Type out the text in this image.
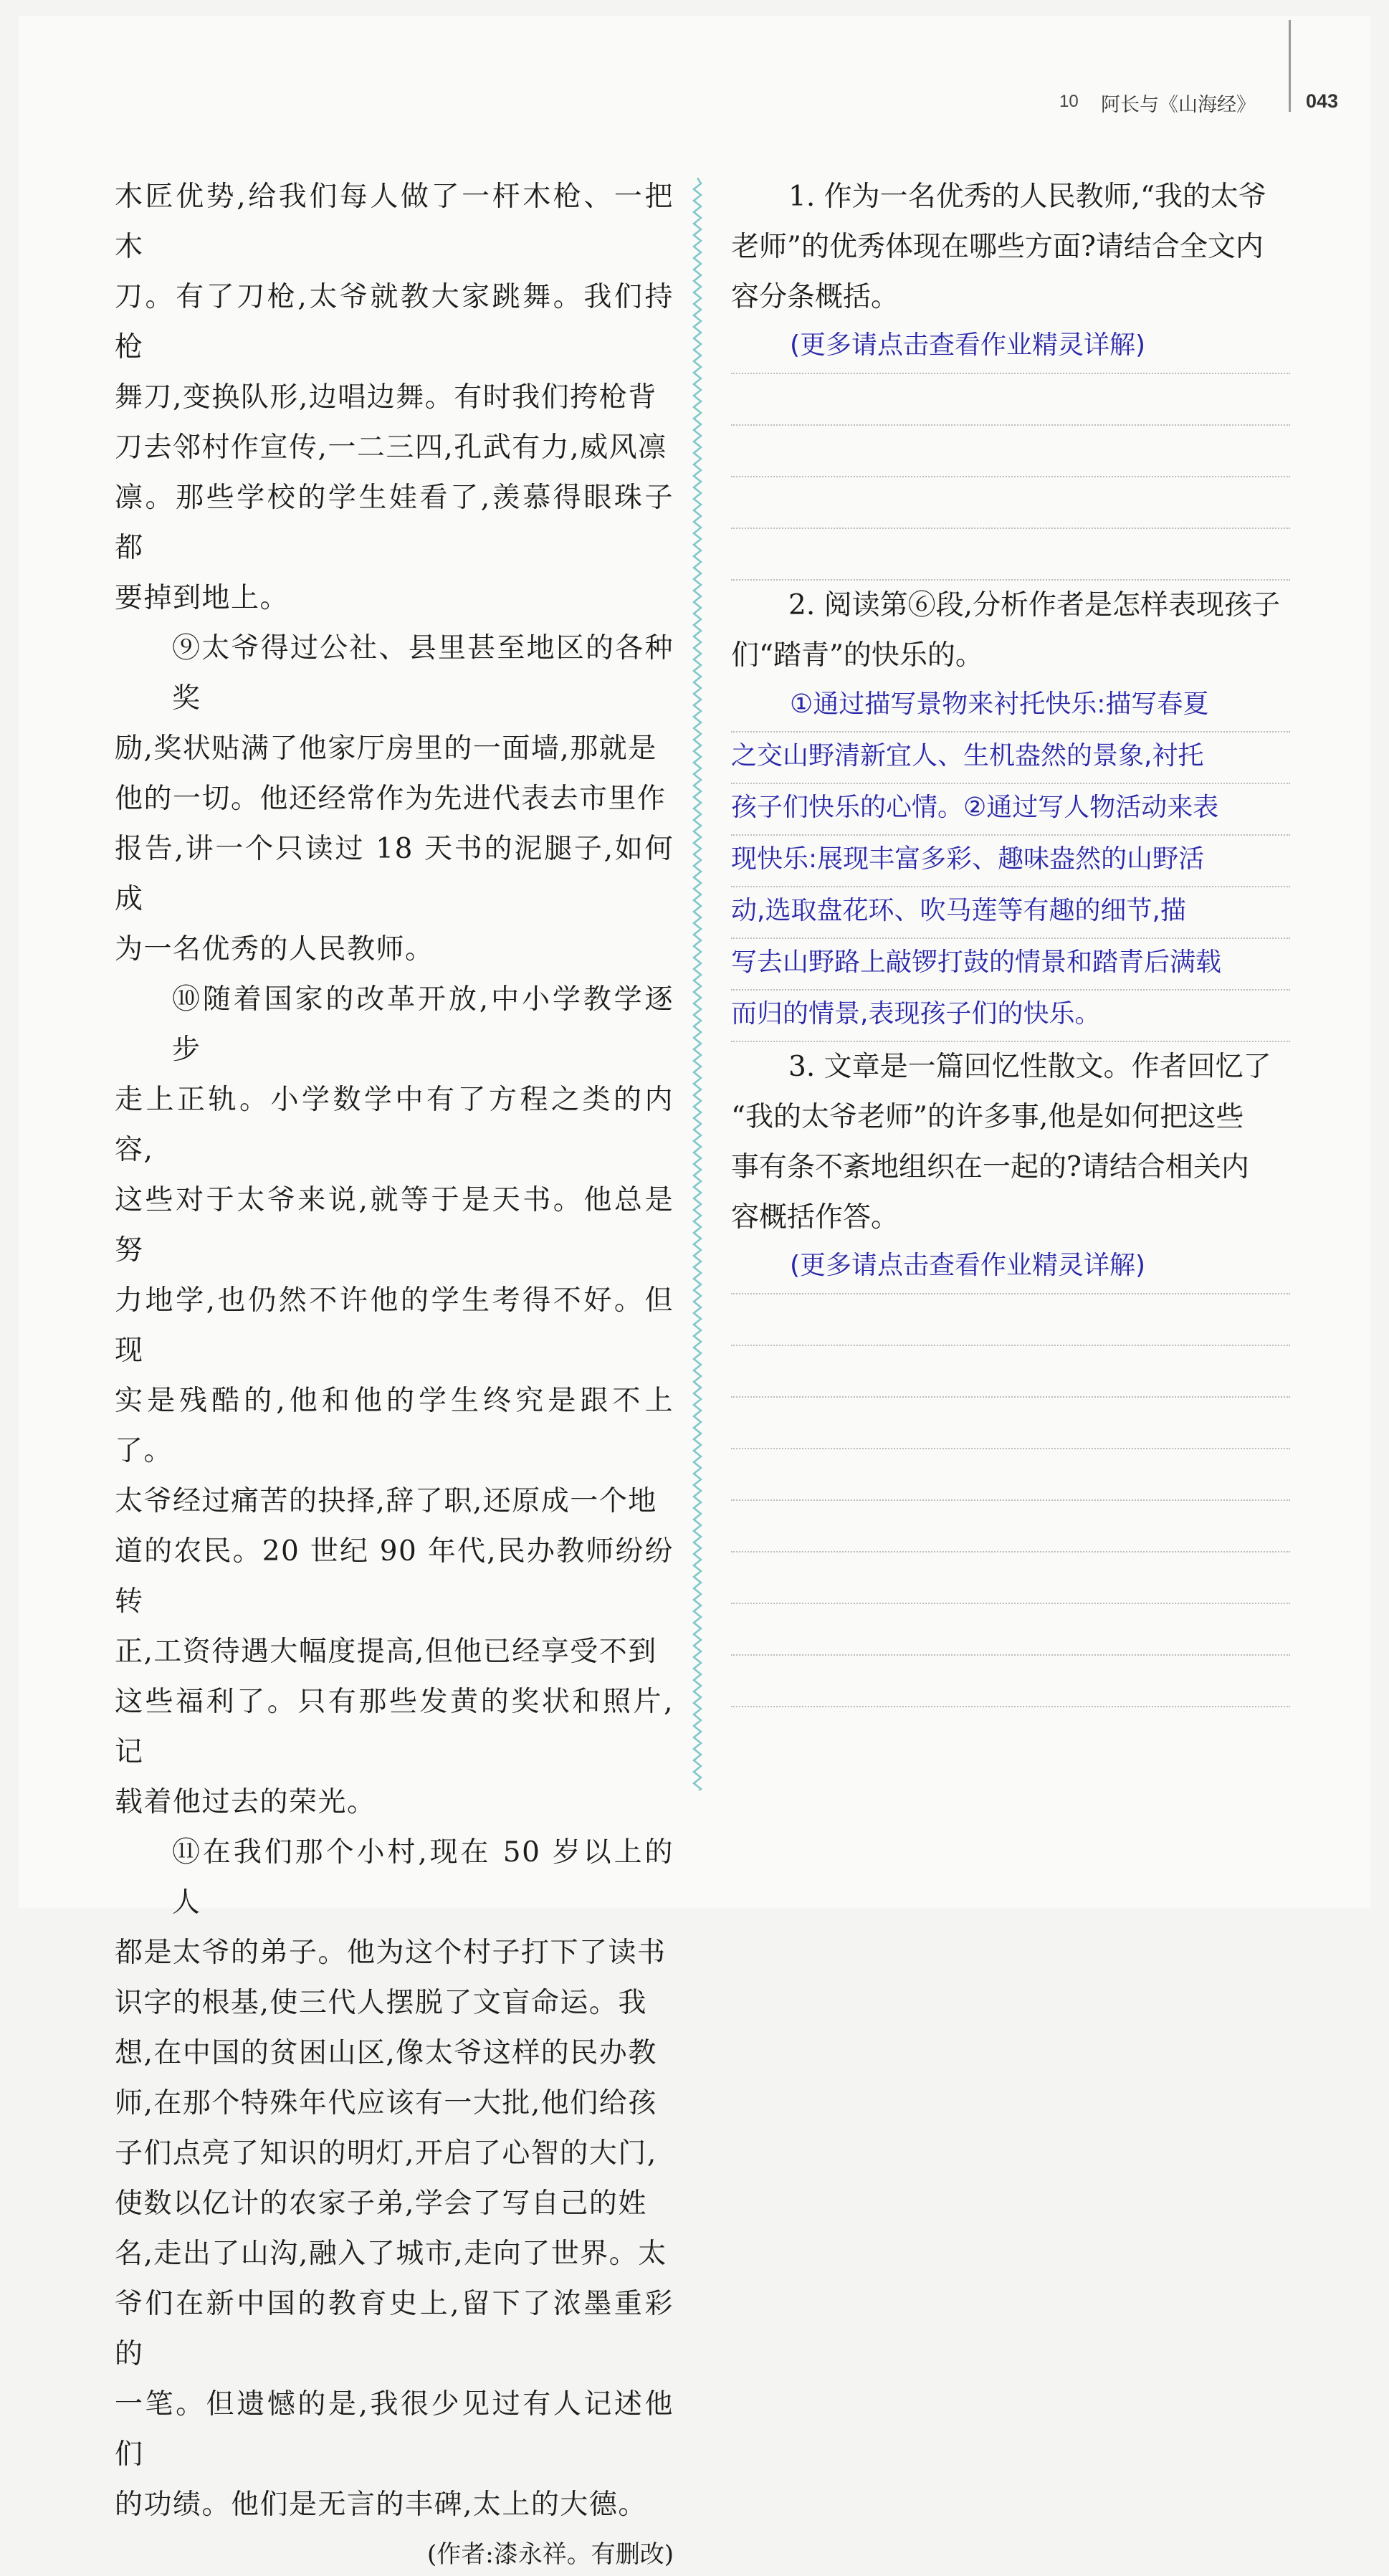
10 阿长与《山海经》	043

木匠优势,给我们每人做了一杆木枪、一把木

刀。有了刀枪,太爷就教大家跳舞。我们持枪

舞刀,变换队形,边唱边舞。有时我们挎枪背

刀去邻村作宣传,一二三四,孔武有力,威风凛

凛。那些学校的学生娃看了,羡慕得眼珠子都

要掉到地上。

⑨太爷得过公社、县里甚至地区的各种奖

励,奖状贴满了他家厅房里的一面墙,那就是

他的一切。他还经常作为先进代表去市里作

报告,讲一个只读过 18 天书的泥腿子,如何成

为一名优秀的人民教师。

⑩随着国家的改革开放,中小学教学逐步

走上正轨。小学数学中有了方程之类的内容,

这些对于太爷来说,就等于是天书。他总是努

力地学,也仍然不许他的学生考得不好。但现

实是残酷的,他和他的学生终究是跟不上了。

太爷经过痛苦的抉择,辞了职,还原成一个地

道的农民。20 世纪 90 年代,民办教师纷纷转

正,工资待遇大幅度提高,但他已经享受不到

这些福利了。只有那些发黄的奖状和照片,记

载着他过去的荣光。

⑪在我们那个小村,现在 50 岁以上的人

都是太爷的弟子。他为这个村子打下了读书

识字的根基,使三代人摆脱了文盲命运。我

想,在中国的贫困山区,像太爷这样的民办教

师,在那个特殊年代应该有一大批,他们给孩

子们点亮了知识的明灯,开启了心智的大门,

使数以亿计的农家子弟,学会了写自己的姓

名,走出了山沟,融入了城市,走向了世界。太

爷们在新中国的教育史上,留下了浓墨重彩的

一笔。但遗憾的是,我很少见过有人记述他们

的功绩。他们是无言的丰碑,太上的大德。

(作者:漆永祥。有删改)

1. 作为一名优秀的人民教师,“我的太爷

老师”的优秀体现在哪些方面?请结合全文内

容分条概括。

(更多请点击查看作业精灵详解)

2. 阅读第⑥段,分析作者是怎样表现孩子

们“踏青”的快乐的。

①通过描写景物来衬托快乐:描写春夏
之交山野清新宜人、生机盎然的景象,衬托
孩子们快乐的心情。②通过写人物活动来表
现快乐:展现丰富多彩、趣味盎然的山野活
动,选取盘花环、吹马莲等有趣的细节,描
写去山野路上敲锣打鼓的情景和踏青后满载
而归的情景,表现孩子们的快乐。

3. 文章是一篇回忆性散文。作者回忆了

“我的太爷老师”的许多事,他是如何把这些

事有条不紊地组织在一起的?请结合相关内

容概括作答。

(更多请点击查看作业精灵详解)
